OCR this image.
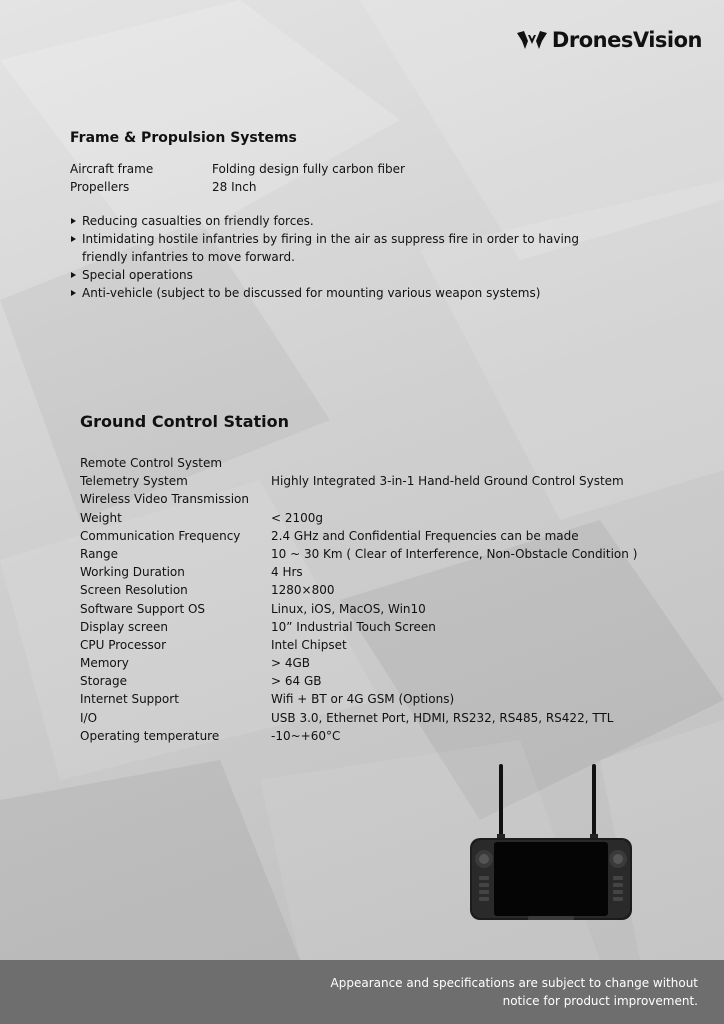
DronesVision
Frame & Propulsion Systems
Aircraft frame	Folding design fully carbon fiber
Propellers	28 Inch
Reducing casualties on friendly forces.
Intimidating hostile infantries by firing in the air as suppress fire in order to having friendly infantries to move forward.
Special operations
Anti-vehicle (subject to be discussed for mounting various weapon systems)
Ground Control Station
Remote Control System
Telemetry System	Highly Integrated 3-in-1 Hand-held Ground Control System
Wireless Video Transmission
Weight	< 2100g
Communication Frequency	2.4 GHz and Confidential Frequencies can be made
Range	10 ~ 30 Km ( Clear of Interference, Non-Obstacle Condition )
Working Duration	4 Hrs
Screen Resolution	1280×800
Software Support OS	Linux, iOS, MacOS, Win10
Display screen	10” Industrial Touch Screen
CPU Processor	Intel Chipset
Memory	> 4GB
Storage	> 64 GB
Internet Support	Wifi + BT or 4G GSM (Options)
I/O	USB 3.0, Ethernet Port, HDMI, RS232, RS485, RS422, TTL
Operating temperature	-10~+60°C
Appearance and specifications are subject to change without
notice for product improvement.
